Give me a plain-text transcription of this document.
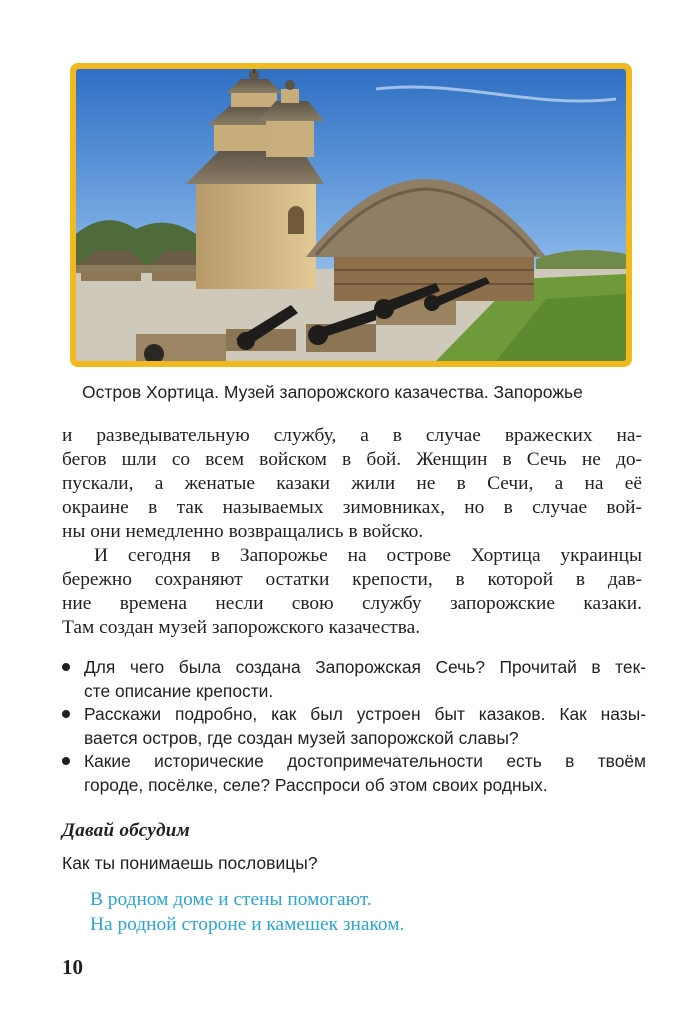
Остров Хортица. Музей запорожского казачества. Запорожье

и разведывательную службу, а в случае вражеских на-
бегов шли со всем войском в бой. Женщин в Сечь не до-
пускали, а женатые казаки жили не в Сечи, а на её
окраине в так называемых зимовниках, но в случае вой-
ны они немедленно возвращались в войско.

И сегодня в Запорожье на острове Хортица украинцы
бережно сохраняют остатки крепости, в которой в дав-
ние времена несли свою службу запорожские казаки.
Там создан музей запорожского казачества.

Для чего была создана Запорожская Сечь? Прочитай в тек-
сте описание крепости.
Расскажи подробно, как был устроен быт казаков. Как назы-
вается остров, где создан музей запорожской славы?
Какие исторические достопримечательности есть в твоём
городе, посёлке, селе? Расспроси об этом своих родных.
Давай обсудим
Как ты понимаешь пословицы?
В родном доме и стены помогают.
На родной стороне и камешек знаком.
10
